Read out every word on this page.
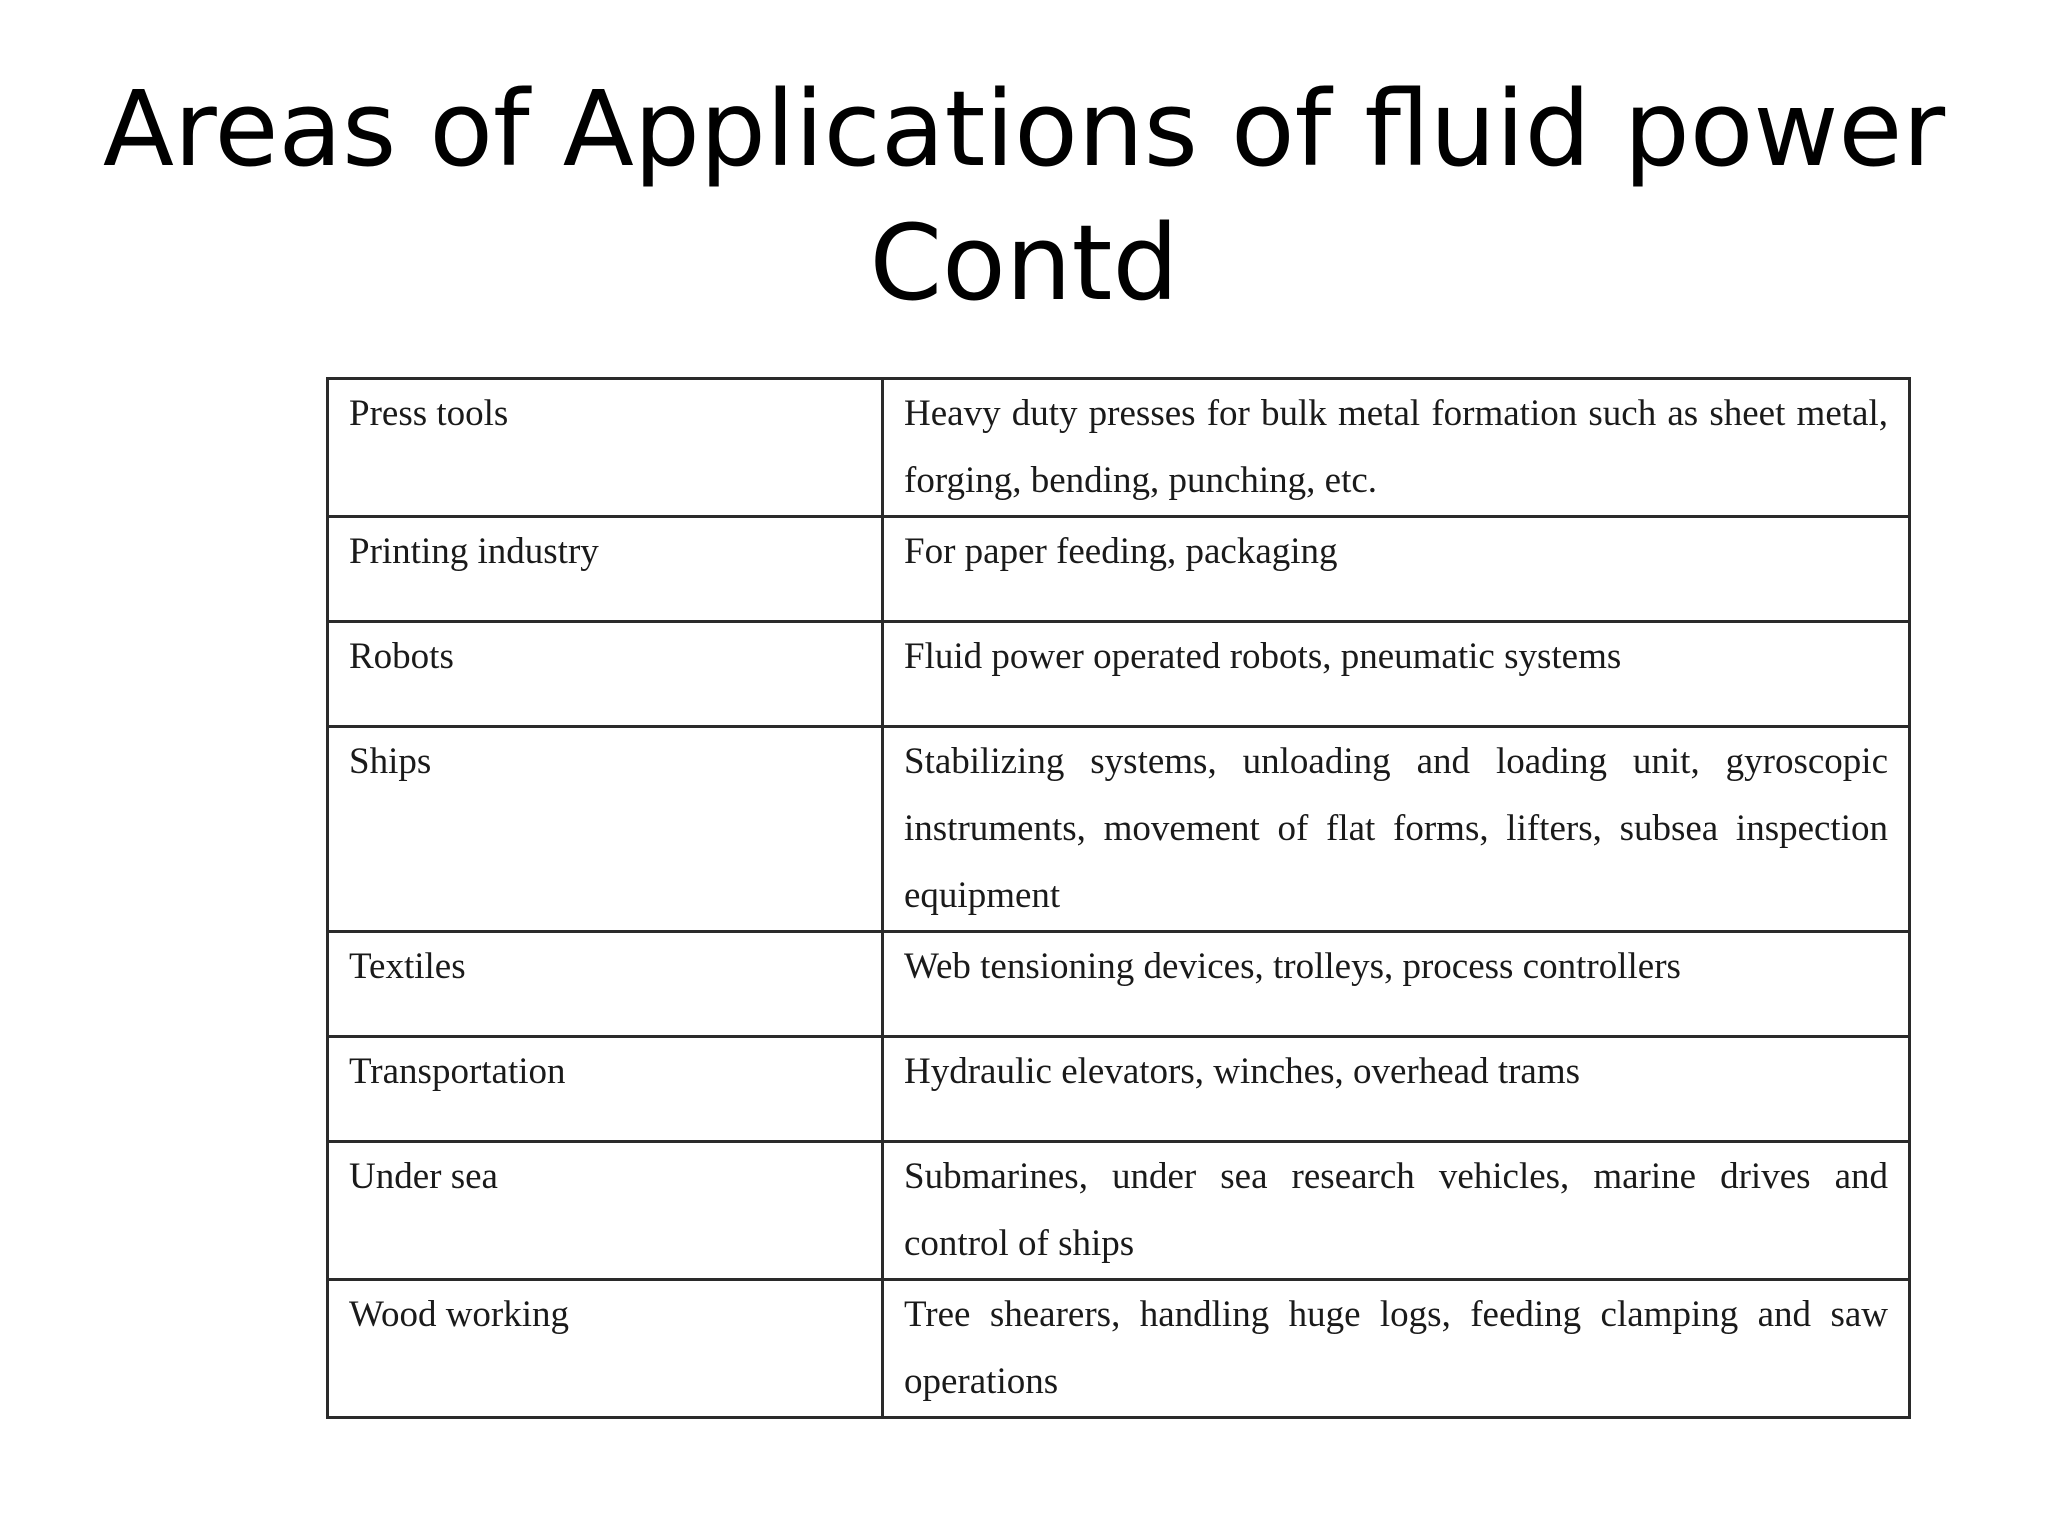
Areas of Applications of fluid power
Contd
Press tools	Heavy duty presses for bulk metal formation such as sheet metal, forging, bending, punching, etc.
Printing industry	For paper feeding, packaging
Robots	Fluid power operated robots, pneumatic systems
Ships	Stabilizing systems, unloading and loading unit, gyroscopic instruments, movement of flat forms, lifters, subsea inspection equipment
Textiles	Web tensioning devices, trolleys, process controllers
Transportation	Hydraulic elevators, winches, overhead trams
Under sea	Submarines, under sea research vehicles, marine drives and control of ships
Wood working	Tree shearers, handling huge logs, feeding clamping and saw operations
